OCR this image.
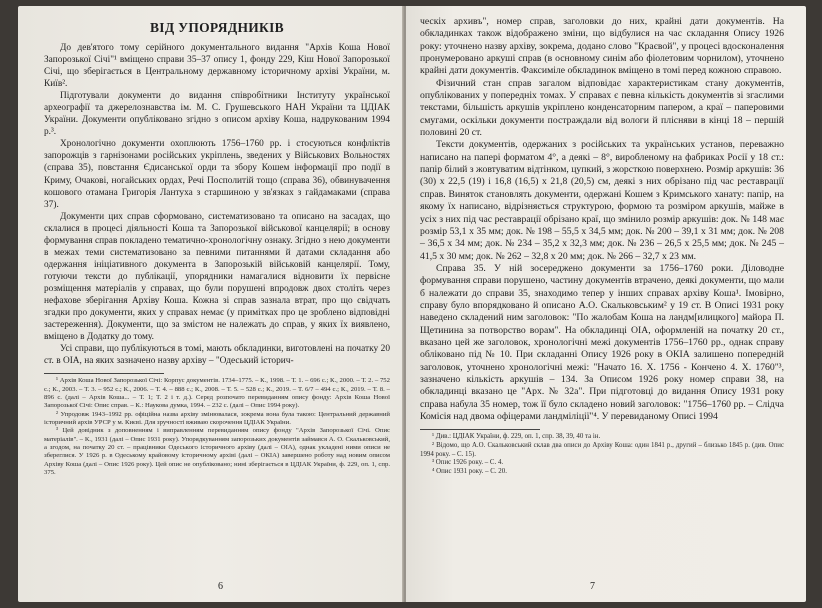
ВІД УПОРЯДНИКІВ

До дев'ятого тому серійного документального видання "Архів Коша Нової Запорозької Січі"¹ вміщено справи 35–37 опису 1, фонду 229, Кіш Нової Запорозької Січі, що зберігається в Центральному державному історичному архіві України, м. Київ².

Підготували документи до видання співробітники Інституту української археографії та джерелознавства ім. М. С. Грушевського НАН України та ЦДІАК України. Документи опубліковано згідно з описом архіву Коша, надрукованим 1994 р.³.

Хронологічно документи охоплюють 1756–1760 рр. і стосуються конфліктів запорожців з гарнізонами російських укріплень, зведених у Військових Вольностях (справа 35), повстання Єдисанської орди та збору Кошем інформації про події в Криму, Очакові, ногайських ордах, Речі Посполитій тощо (справа 36), обвинувачення кошового отамана Григорія Лантуха з старшиною у зв'язках з гайдамаками (справа 37).

Документи цих справ сформовано, систематизовано та описано на засадах, що склалися в процесі діяльності Коша та Запорозької військової канцелярії; в основу формування справ покладено тематично-хронологічну ознаку. Згідно з нею документи в межах теми систематизовано за певними питаннями й датами складання або одержання ініціативного документа в Запорозькій військовій канцелярії. Тому, готуючи тексти до публікації, упорядники намагалися відновити їх первісне розміщення матеріалів у справах, що були порушені впродовж двох століть через нефахове зберігання Архіву Коша. Кожна зі справ зазнала втрат, про що свідчать згадки про документи, яких у справах немає (у примітках про це зроблено відповідні застереження). Документи, що за змістом не належать до справ, у яких їх виявлено, вміщено в Додатку до тому.

Усі справи, що публікуються в томі, мають обкладинки, виготовлені на початку 20 ст. в ОІА, на яких зазначено назву архіву – "Одеський історич-

¹ Архів Коша Нової Запорозької Січі: Корпус документів. 1734–1775. – К., 1998. – Т. 1. – 696 с.; К., 2000. – Т. 2. – 752 с.; К., 2003. – Т. 3. – 952 с.; К., 2006. – Т. 4. – 888 с.; К., 2008. – Т. 5. – 528 с.; К., 2019. – Т. 6/7 – 494 с.; К., 2019. – Т. 8. – 896 с. (далі – Архів Коша... – Т. 1; Т. 2 і т. д.). Серед розпочато перевиданням опису фонду: Архів Коша Нової Запорозької Січі: Опис справ. – К.: Наукова думка, 1994. – 232 с. (далі – Опис 1994 року).

² Упродовж 1943–1992 рр. офіційна назва архіву змінювалася, зокрема вона була такою: Центральний державний історичний архів УРСР у м. Києві. Для зручності вживаю скорочення ЦДІАК України.

³ Цей довідник з доповненням і виправленням перевиданням опису фонду "Архів Запорозької Січі. Опис матеріалів". – К., 1931 (далі – Опис 1931 року). Упорядкуванням запорозьких документів займався А. О. Скальковський, а згодом, на початку 20 ст. – працівники Одеського історичного архіву (далі – ОІА), однак укладені ними описи не збереглися. У 1926 р. в Одеському крайовому історичному архіві (далі – ОКІА) завершено роботу над новим описом Архіву Коша (далі – Опис 1926 року). Цей опис не опубліковано; нині зберігається в ЦДІАК України, ф. 229, оп. 1, спр. 375.

6

ческіх архивъ", номер справ, заголовки до них, крайні дати документів. На обкладинках також відображено зміни, що відбулися на час складання Опису 1926 року: уточнено назву архіву, зокрема, додано слово "Краєвой", у процесі вдосконалення пронумеровано аркуші справ (в основному синім або фіолетовим чорнилом), уточнено крайні дати документів. Факсиміле обкладинок вміщено в томі перед кожною справою.

Фізичний стан справ загалом відповідає характеристикам стану документів, опублікованих у попередніх томах. У справах є певна кількість документів зі згаслими текстами, більшість аркушів укріплено конденсаторним папером, а краї – паперовими смугами, оскільки документи постраждали від вологи й плісняви в кінці 18 – першій половині 20 ст.

Тексти документів, одержаних з російських та українських установ, переважно написано на папері форматом 4°, а деякі – 8°, виробленому на фабриках Росії у 18 ст.: папір білий з жовтуватим відтінком, цупкий, з жорсткою поверхнею. Розмір аркушів: 36 (30) х 22,5 (19) і 16,8 (16,5) х 21,8 (20,5) см, деякі з них обрізано під час реставрації справ. Виняток становлять документи, одержані Кошем з Кримського ханату: папір, на якому їх написано, відрізняється структурою, формою та розміром аркушів, майже в усіх з них під час реставрації обрізано краї, що змінило розмір аркушів: док. № 148 має розмір 53,1 х 35 мм; док. № 198 – 55,5 х 34,5 мм; док. № 200 – 39,1 х 31 мм; док. № 208 – 36,5 х 34 мм; док. № 234 – 35,2 х 32,3 мм; док. № 236 – 26,5 х 25,5 мм; док. № 245 – 41,5 х 30 мм; док. № 262 – 32,8 х 20 мм; док. № 266 – 32,7 х 23 мм.

Справа 35. У ній зосереджено документи за 1756–1760 роки. Діловодне формування справи порушено, частину документів втрачено, деякі документи, що мали б належати до справи 35, знаходимо тепер у інших справах архіву Коша¹. Імовірно, справу було впорядковано й описано А.О. Скальковським² у 19 ст. В Описі 1931 року наведено складений ним заголовок: "По жалобам Коша на ландм[илицкого] майора П. Щетинина за потворство ворам". На обкладинці ОІА, оформленій на початку 20 ст., вказано цей же заголовок, хронологічні межі документів 1756–1760 рр., однак справу обліковано під № 10. При складанні Опису 1926 року в ОКІА залишено попередній заголовок, уточнено хронологічні межі: "Начато 16. X. 1756 - Кончено 4. X. 1760"³, зазначено кількість аркушів – 134. За Описом 1926 року номер справи 38, на обкладинці вказано це "Арх. № 32а". При підготовці до видання Опису 1931 року справа набула 35 номер, тож її було складено новий заголовок: "1756–1760 рр. – Слідча Комісія над двома офіцерами ландміліції"⁴. У перевиданому Описі 1994

¹ Див.: ЦДІАК України, ф. 229, оп. 1, спр. 38, 39, 40 та ін.

² Відомо, що А.О. Скальковський склав два описи до Архіву Коша: один 1841 р., другий – близько 1845 р. (див. Опис 1994 року. – С. 15).

³ Опис 1926 року. – С. 4.

⁴ Опис 1931 року. – С. 20.

7
